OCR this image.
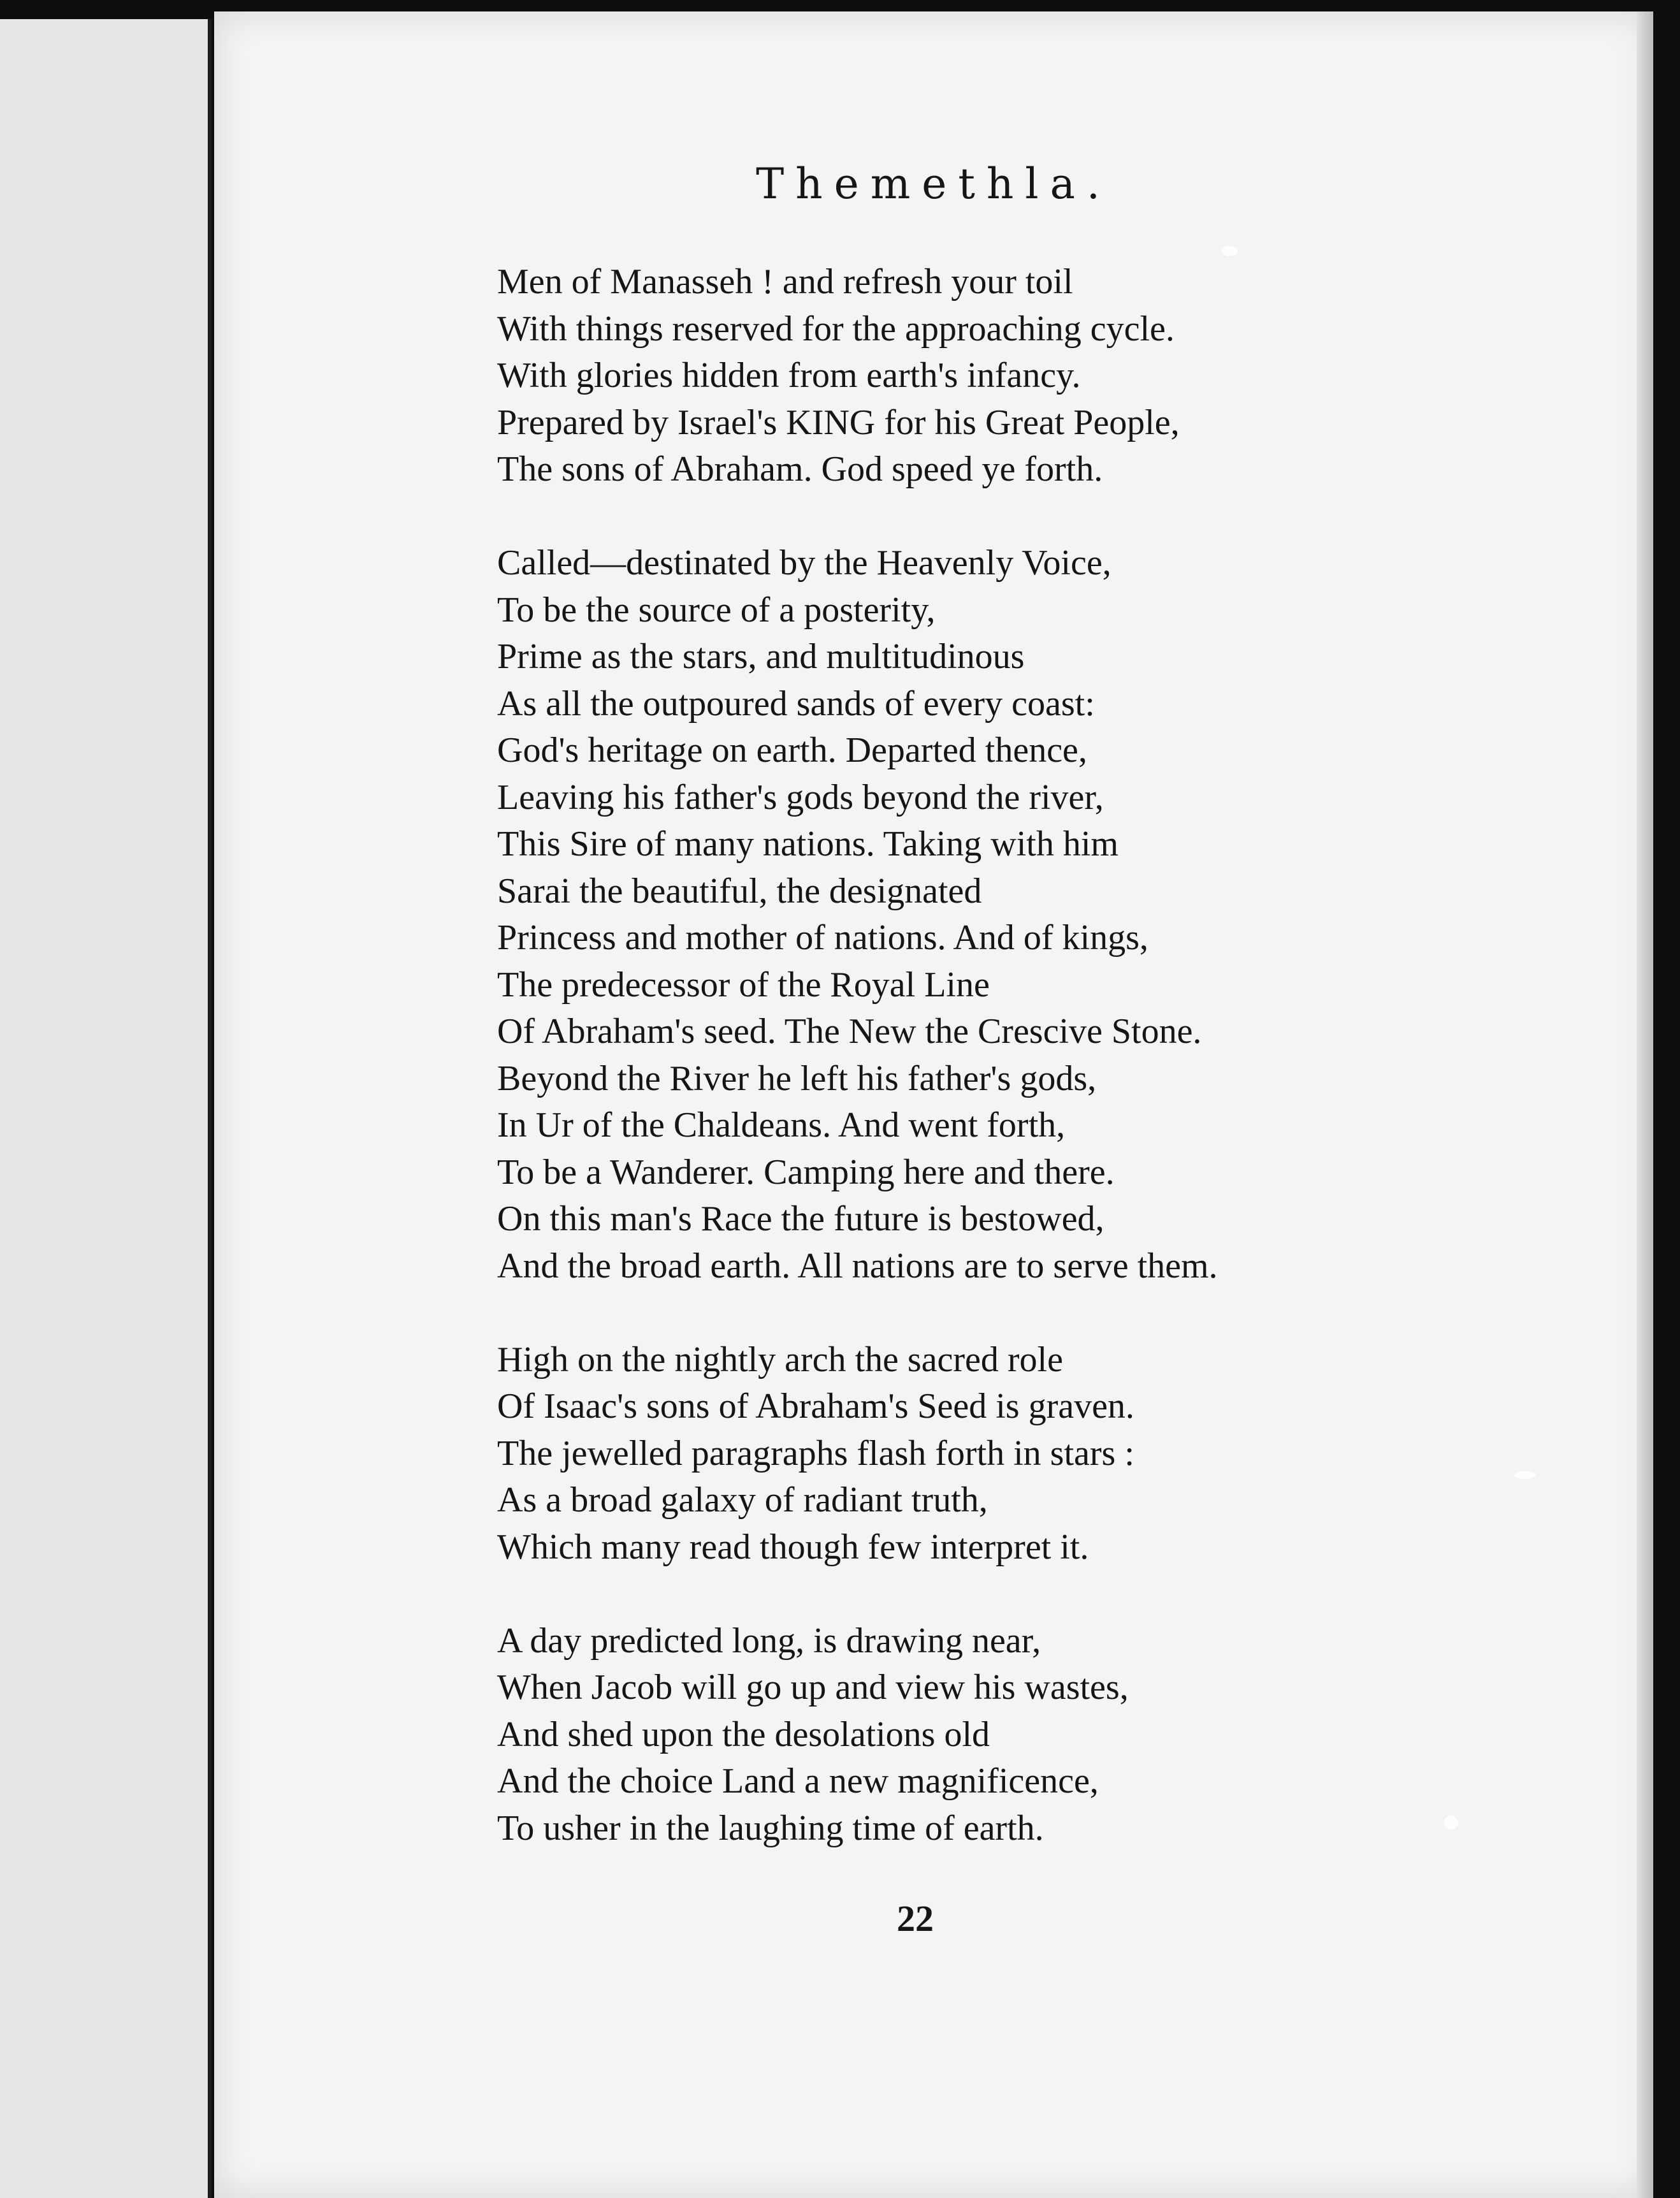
Themethla.
Men of Manasseh ! and refresh your toil
With things reserved for the approaching cycle.
With glories hidden from earth's infancy.
Prepared by Israel's KING for his Great People,
The sons of Abraham. God speed ye forth.
Called—destinated by the Heavenly Voice,
To be the source of a posterity,
Prime as the stars, and multitudinous
As all the outpoured sands of every coast:
God's heritage on earth. Departed thence,
Leaving his father's gods beyond the river,
This Sire of many nations. Taking with him
Sarai the beautiful, the designated
Princess and mother of nations. And of kings,
The predecessor of the Royal Line
Of Abraham's seed. The New the Crescive Stone.
Beyond the River he left his father's gods,
In Ur of the Chaldeans. And went forth,
To be a Wanderer. Camping here and there.
On this man's Race the future is bestowed,
And the broad earth. All nations are to serve them.
High on the nightly arch the sacred role
Of Isaac's sons of Abraham's Seed is graven.
The jewelled paragraphs flash forth in stars :
As a broad galaxy of radiant truth,
Which many read though few interpret it.
A day predicted long, is drawing near,
When Jacob will go up and view his wastes,
And shed upon the desolations old
And the choice Land a new magnificence,
To usher in the laughing time of earth.
22
